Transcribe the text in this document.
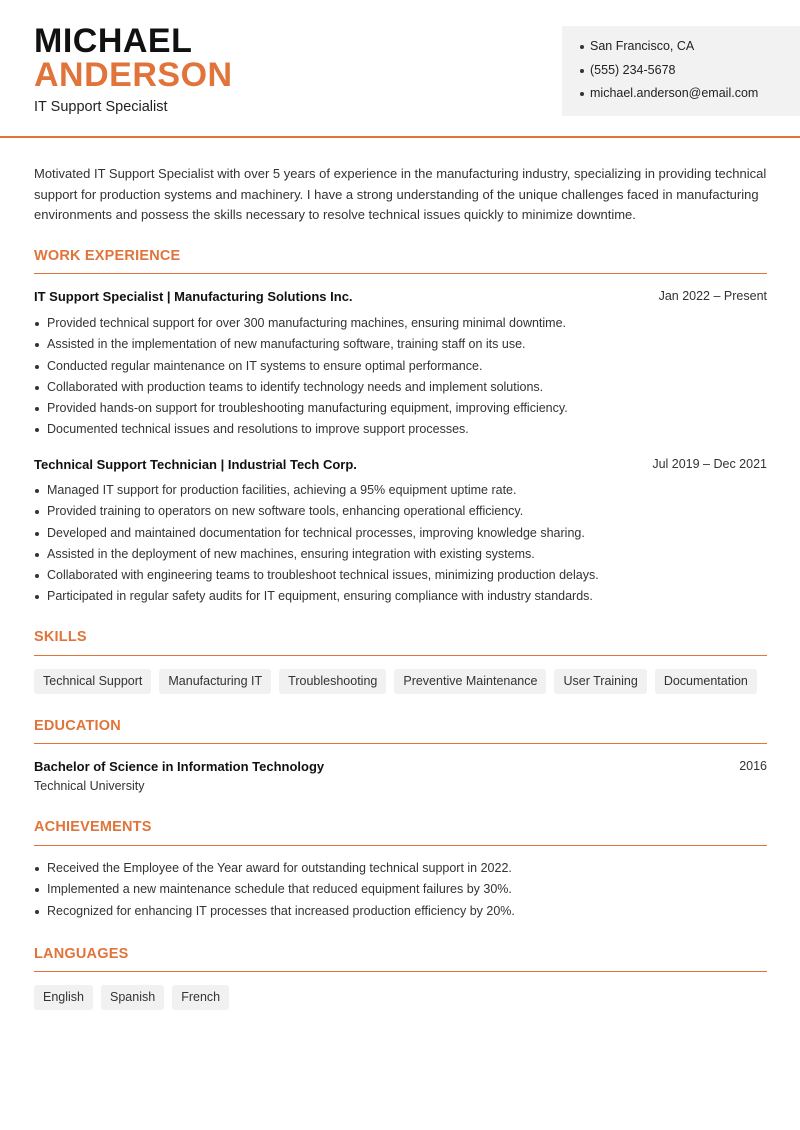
MICHAEL
ANDERSON
IT Support Specialist
San Francisco, CA
(555) 234-5678
michael.anderson@email.com

Motivated IT Support Specialist with over 5 years of experience in the manufacturing industry, specializing in providing technical support for production systems and machinery. I have a strong understanding of the unique challenges faced in manufacturing environments and possess the skills necessary to resolve technical issues quickly to minimize downtime.

WORK EXPERIENCE
IT Support Specialist | Manufacturing Solutions Inc.	Jan 2022 – Present
Provided technical support for over 300 manufacturing machines, ensuring minimal downtime.
Assisted in the implementation of new manufacturing software, training staff on its use.
Conducted regular maintenance on IT systems to ensure optimal performance.
Collaborated with production teams to identify technology needs and implement solutions.
Provided hands-on support for troubleshooting manufacturing equipment, improving efficiency.
Documented technical issues and resolutions to improve support processes.
Technical Support Technician | Industrial Tech Corp.	Jul 2019 – Dec 2021
Managed IT support for production facilities, achieving a 95% equipment uptime rate.
Provided training to operators on new software tools, enhancing operational efficiency.
Developed and maintained documentation for technical processes, improving knowledge sharing.
Assisted in the deployment of new machines, ensuring integration with existing systems.
Collaborated with engineering teams to troubleshoot technical issues, minimizing production delays.
Participated in regular safety audits for IT equipment, ensuring compliance with industry standards.
SKILLS
Technical Support	Manufacturing IT	Troubleshooting	Preventive Maintenance	User Training	Documentation
EDUCATION
Bachelor of Science in Information Technology	2016
Technical University
ACHIEVEMENTS
Received the Employee of the Year award for outstanding technical support in 2022.
Implemented a new maintenance schedule that reduced equipment failures by 30%.
Recognized for enhancing IT processes that increased production efficiency by 20%.
LANGUAGES
English	Spanish	French
